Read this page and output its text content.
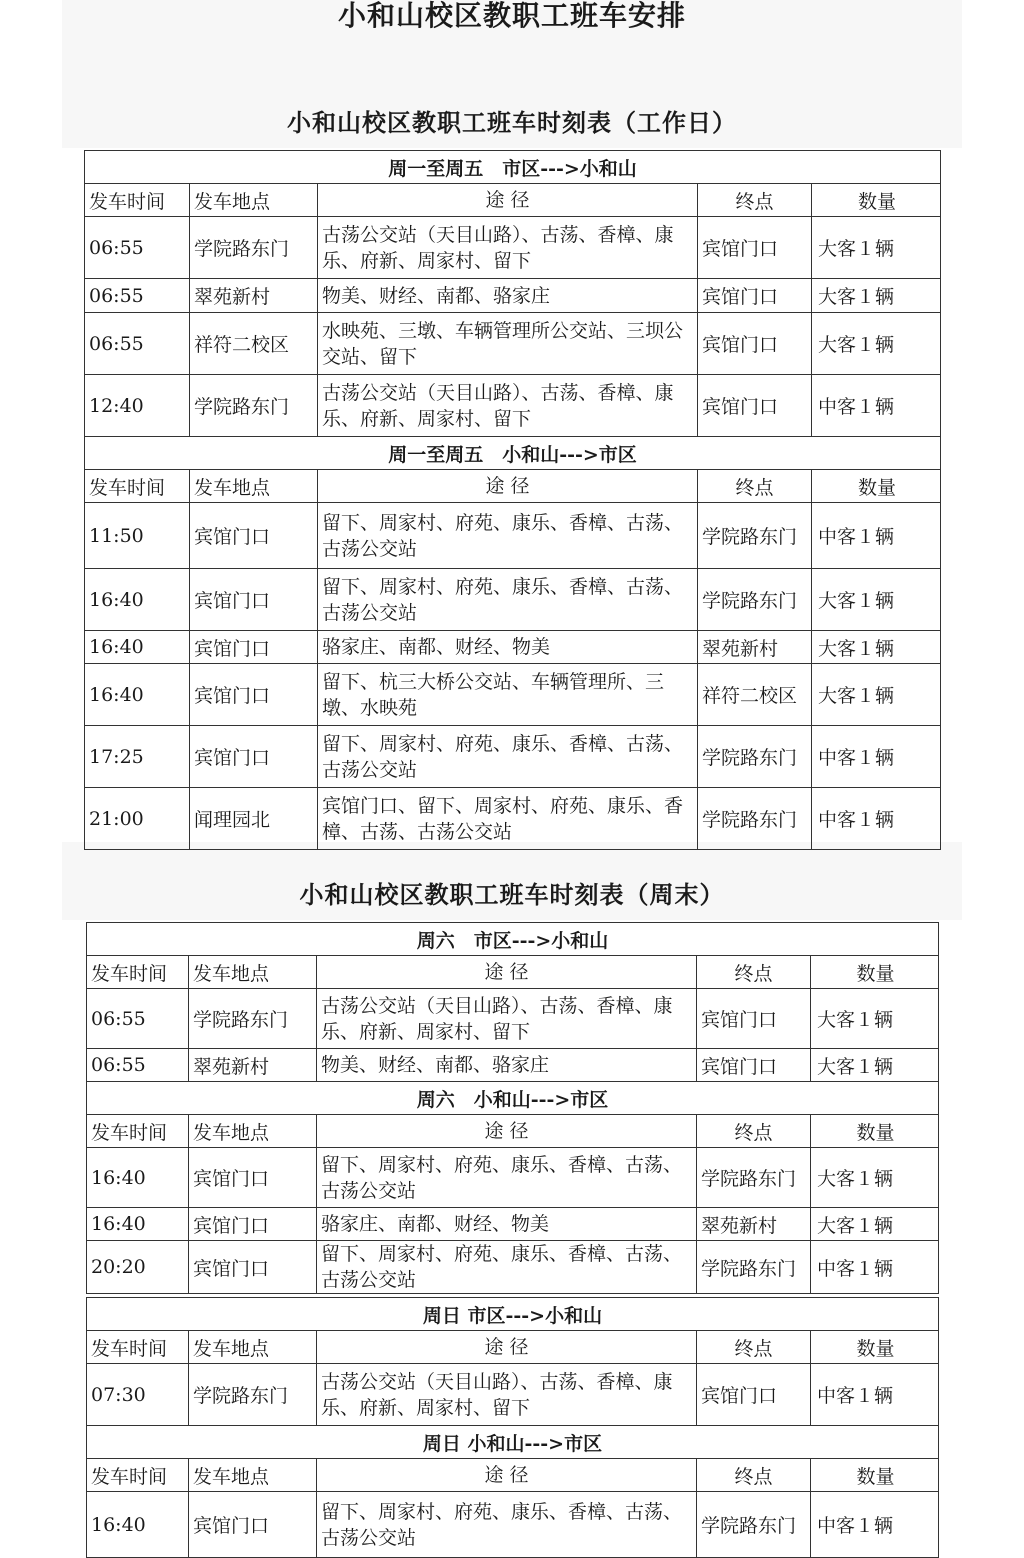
小和山校区教职工班车安排
小和山校区教职工班车时刻表（工作日）
小和山校区教职工班车时刻表（周末）
周一至周五　市区--->小和山				
发车时间	发车地点	途 径	终点	数量
06:55	学院路东门	古荡公交站（天目山路）、古荡、香樟、康乐、府新、周家村、留下	宾馆门口	大客１辆
06:55	翠苑新村	物美、财经、南都、骆家庄	宾馆门口	大客１辆
06:55	祥符二校区	水映苑、三墩、车辆管理所公交站、三坝公交站、留下	宾馆门口	大客１辆
12:40	学院路东门	古荡公交站（天目山路）、古荡、香樟、康乐、府新、周家村、留下	宾馆门口	中客１辆
周一至周五　小和山--->市区				
发车时间	发车地点	途 径	终点	数量
11:50	宾馆门口	留下、周家村、府苑、康乐、香樟、古荡、古荡公交站	学院路东门	中客１辆
16:40	宾馆门口	留下、周家村、府苑、康乐、香樟、古荡、古荡公交站	学院路东门	大客１辆
16:40	宾馆门口	骆家庄、南都、财经、物美	翠苑新村	大客１辆
16:40	宾馆门口	留下、杭三大桥公交站、车辆管理所、三墩、水映苑	祥符二校区	大客１辆
17:25	宾馆门口	留下、周家村、府苑、康乐、香樟、古荡、古荡公交站	学院路东门	中客１辆
21:00	闻理园北	宾馆门口、留下、周家村、府苑、康乐、香樟、古荡、古荡公交站	学院路东门	中客１辆
周六　市区--->小和山				
发车时间	发车地点	途 径	终点	数量
06:55	学院路东门	古荡公交站（天目山路）、古荡、香樟、康乐、府新、周家村、留下	宾馆门口	大客１辆
06:55	翠苑新村	物美、财经、南都、骆家庄	宾馆门口	大客１辆
周六　小和山--->市区				
发车时间	发车地点	途 径	终点	数量
16:40	宾馆门口	留下、周家村、府苑、康乐、香樟、古荡、古荡公交站	学院路东门	大客１辆
16:40	宾馆门口	骆家庄、南都、财经、物美	翠苑新村	大客１辆
20:20	宾馆门口	留下、周家村、府苑、康乐、香樟、古荡、古荡公交站	学院路东门	中客１辆
周日 市区--->小和山				
发车时间	发车地点	途 径	终点	数量
07:30	学院路东门	古荡公交站（天目山路）、古荡、香樟、康乐、府新、周家村、留下	宾馆门口	中客１辆
周日 小和山--->市区				
发车时间	发车地点	途 径	终点	数量
16:40	宾馆门口	留下、周家村、府苑、康乐、香樟、古荡、古荡公交站	学院路东门	中客１辆
